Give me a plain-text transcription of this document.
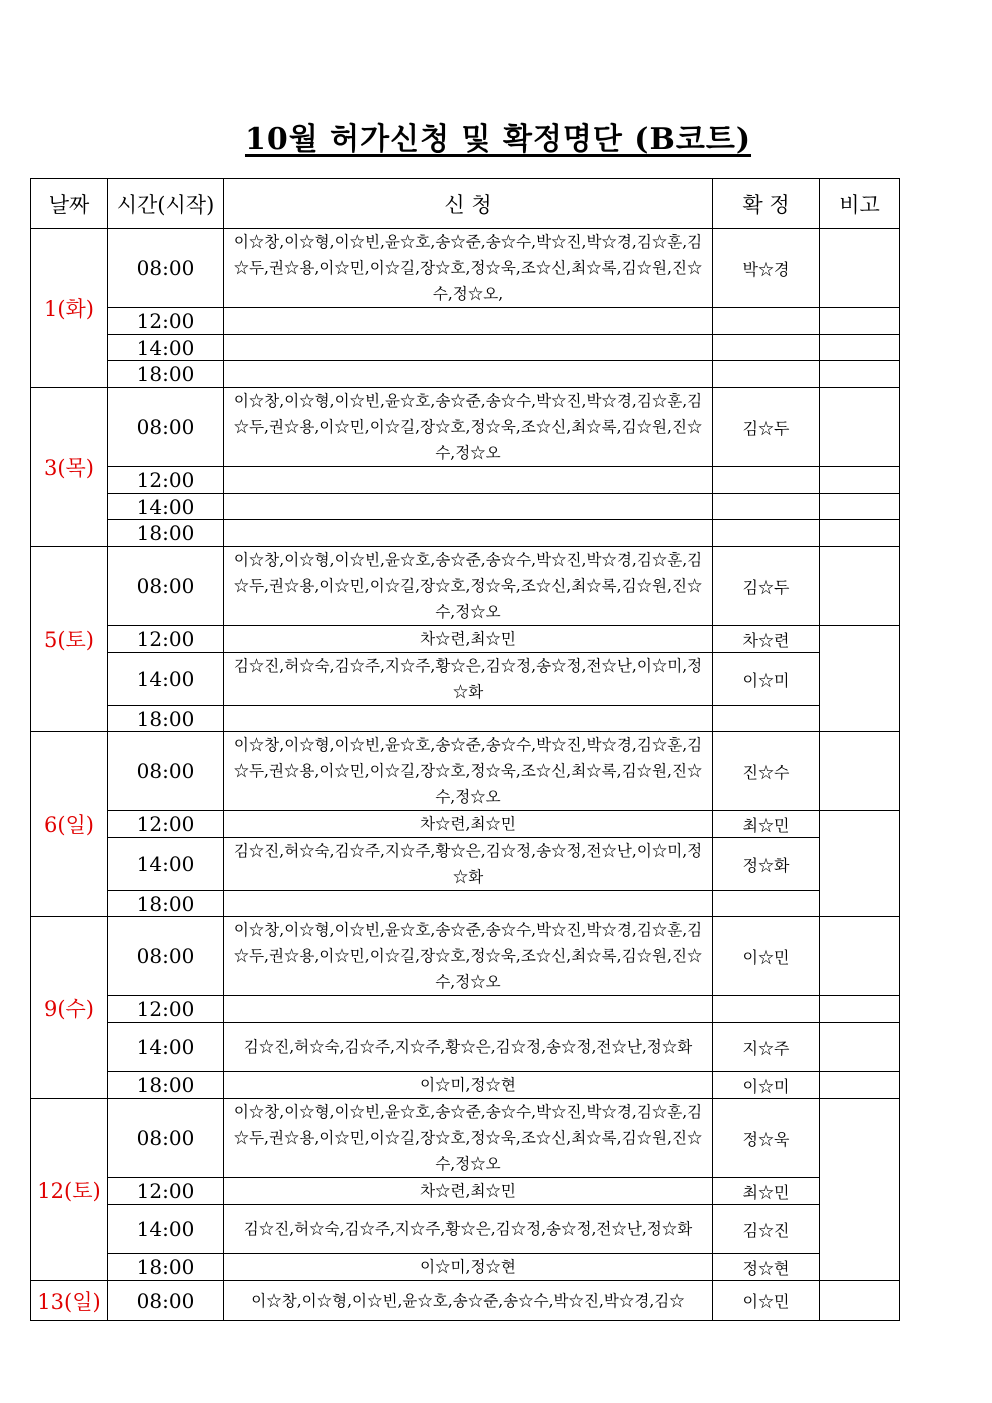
10월 허가신청 및 확정명단 (B코트)
날짜	시간(시작)	신 청	확 정	비고
1(화)	08:00	이☆창,이☆형,이☆빈,윤☆호,송☆준,송☆수,박☆진,박☆경,김☆훈,김☆두,권☆용,이☆민,이☆길,장☆호,정☆욱,조☆신,최☆록,김☆원,진☆수,정☆오,	박☆경	
	12:00			
	14:00			
	18:00			
3(목)	08:00	이☆창,이☆형,이☆빈,윤☆호,송☆준,송☆수,박☆진,박☆경,김☆훈,김☆두,권☆용,이☆민,이☆길,장☆호,정☆욱,조☆신,최☆록,김☆원,진☆수,정☆오	김☆두	
	12:00			
	14:00			
	18:00			
5(토)	08:00	이☆창,이☆형,이☆빈,윤☆호,송☆준,송☆수,박☆진,박☆경,김☆훈,김☆두,권☆용,이☆민,이☆길,장☆호,정☆욱,조☆신,최☆록,김☆원,진☆수,정☆오	김☆두	
	12:00	차☆련,최☆민	차☆련	
	14:00	김☆진,허☆숙,김☆주,지☆주,황☆은,김☆정,송☆정,전☆난,이☆미,정☆화	이☆미	
	18:00			
6(일)	08:00	이☆창,이☆형,이☆빈,윤☆호,송☆준,송☆수,박☆진,박☆경,김☆훈,김☆두,권☆용,이☆민,이☆길,장☆호,정☆욱,조☆신,최☆록,김☆원,진☆수,정☆오	진☆수	
	12:00	차☆련,최☆민	최☆민	
	14:00	김☆진,허☆숙,김☆주,지☆주,황☆은,김☆정,송☆정,전☆난,이☆미,정☆화	정☆화	
	18:00			
9(수)	08:00	이☆창,이☆형,이☆빈,윤☆호,송☆준,송☆수,박☆진,박☆경,김☆훈,김☆두,권☆용,이☆민,이☆길,장☆호,정☆욱,조☆신,최☆록,김☆원,진☆수,정☆오	이☆민	
	12:00			
	14:00	김☆진,허☆숙,김☆주,지☆주,황☆은,김☆정,송☆정,전☆난,정☆화	지☆주	
	18:00	이☆미,정☆현	이☆미	
12(토)	08:00	이☆창,이☆형,이☆빈,윤☆호,송☆준,송☆수,박☆진,박☆경,김☆훈,김☆두,권☆용,이☆민,이☆길,장☆호,정☆욱,조☆신,최☆록,김☆원,진☆수,정☆오	정☆욱	
	12:00	차☆련,최☆민	최☆민	
	14:00	김☆진,허☆숙,김☆주,지☆주,황☆은,김☆정,송☆정,전☆난,정☆화	김☆진	
	18:00	이☆미,정☆현	정☆현	
13(일)	08:00	이☆창,이☆형,이☆빈,윤☆호,송☆준,송☆수,박☆진,박☆경,김☆	이☆민	
